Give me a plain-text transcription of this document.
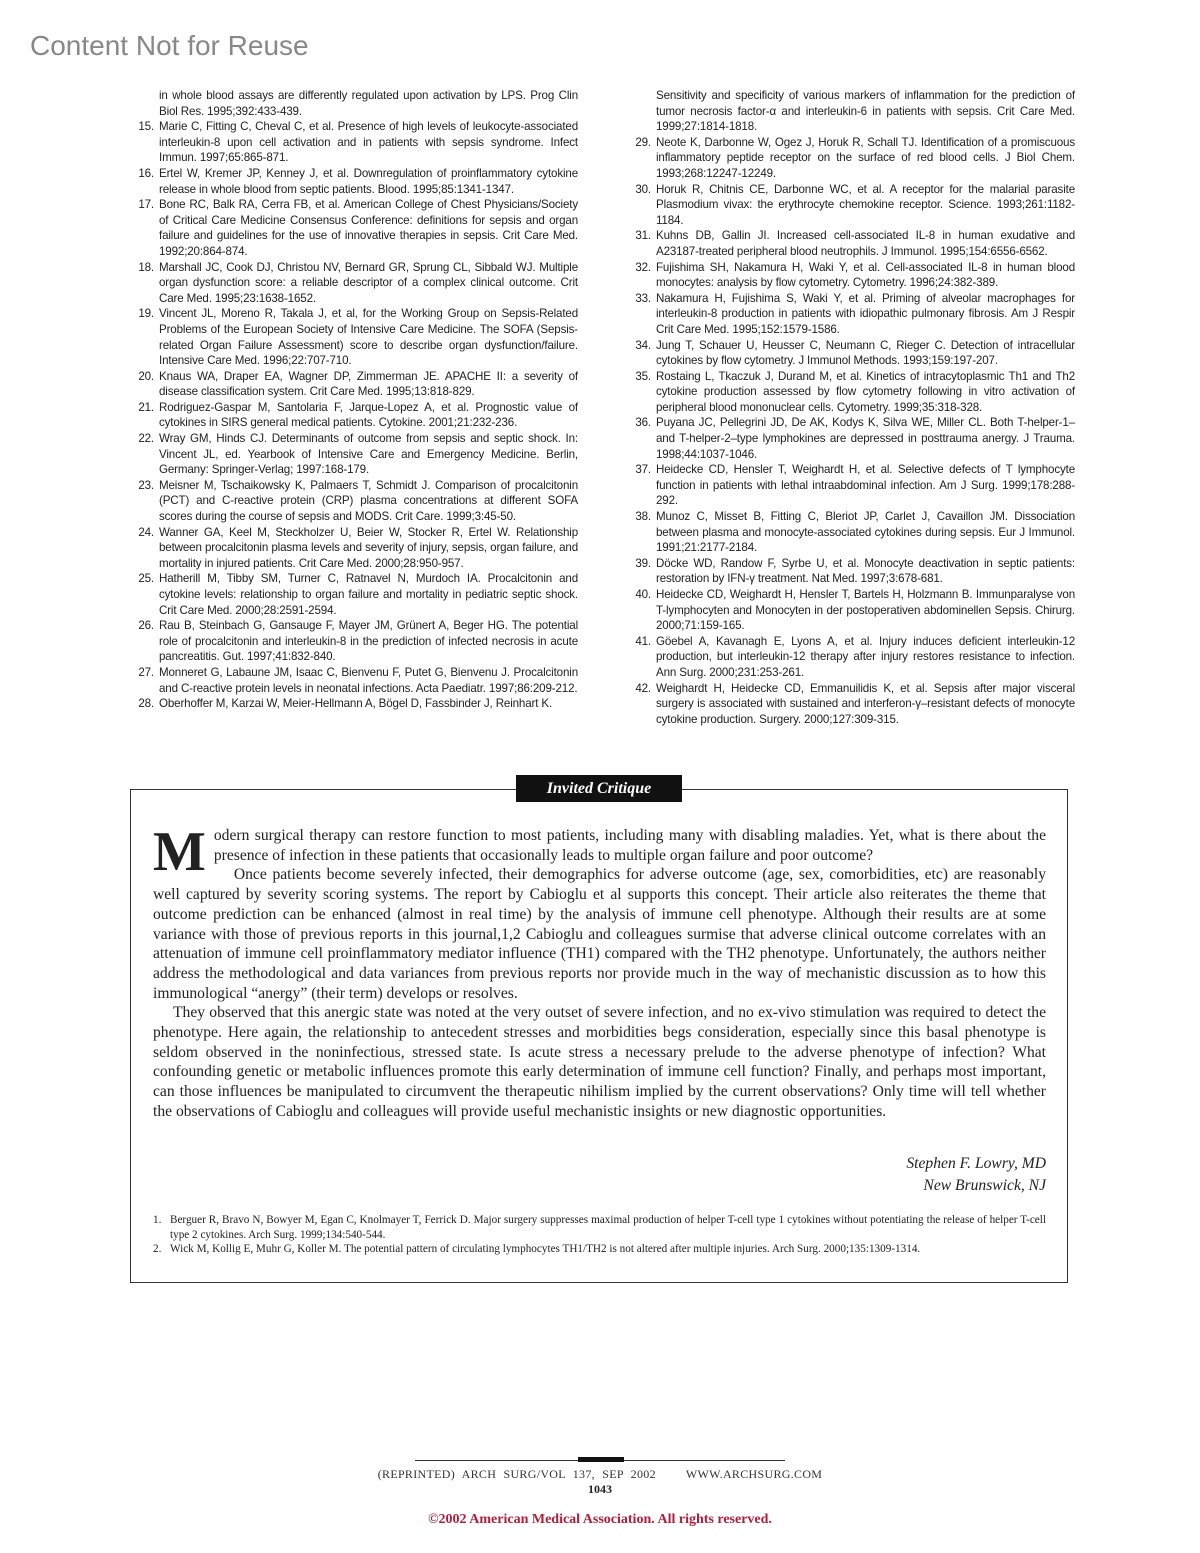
Content Not for Reuse
in whole blood assays are differently regulated upon activation by LPS. Prog Clin Biol Res. 1995;392:433-439.
15. Marie C, Fitting C, Cheval C, et al. Presence of high levels of leukocyte-associated interleukin-8 upon cell activation and in patients with sepsis syndrome. Infect Immun. 1997;65:865-871.
16. Ertel W, Kremer JP, Kenney J, et al. Downregulation of proinflammatory cytokine release in whole blood from septic patients. Blood. 1995;85:1341-1347.
17. Bone RC, Balk RA, Cerra FB, et al. American College of Chest Physicians/Society of Critical Care Medicine Consensus Conference: definitions for sepsis and organ failure and guidelines for the use of innovative therapies in sepsis. Crit Care Med. 1992;20:864-874.
18. Marshall JC, Cook DJ, Christou NV, Bernard GR, Sprung CL, Sibbald WJ. Multiple organ dysfunction score: a reliable descriptor of a complex clinical outcome. Crit Care Med. 1995;23:1638-1652.
19. Vincent JL, Moreno R, Takala J, et al, for the Working Group on Sepsis-Related Problems of the European Society of Intensive Care Medicine. The SOFA (Sepsis-related Organ Failure Assessment) score to describe organ dysfunction/failure. Intensive Care Med. 1996;22:707-710.
20. Knaus WA, Draper EA, Wagner DP, Zimmerman JE. APACHE II: a severity of disease classification system. Crit Care Med. 1995;13:818-829.
21. Rodriguez-Gaspar M, Santolaria F, Jarque-Lopez A, et al. Prognostic value of cytokines in SIRS general medical patients. Cytokine. 2001;21:232-236.
22. Wray GM, Hinds CJ. Determinants of outcome from sepsis and septic shock. In: Vincent JL, ed. Yearbook of Intensive Care and Emergency Medicine. Berlin, Germany: Springer-Verlag; 1997:168-179.
23. Meisner M, Tschaikowsky K, Palmaers T, Schmidt J. Comparison of procalcitonin (PCT) and C-reactive protein (CRP) plasma concentrations at different SOFA scores during the course of sepsis and MODS. Crit Care. 1999;3:45-50.
24. Wanner GA, Keel M, Steckholzer U, Beier W, Stocker R, Ertel W. Relationship between procalcitonin plasma levels and severity of injury, sepsis, organ failure, and mortality in injured patients. Crit Care Med. 2000;28:950-957.
25. Hatherill M, Tibby SM, Turner C, Ratnavel N, Murdoch IA. Procalcitonin and cytokine levels: relationship to organ failure and mortality in pediatric septic shock. Crit Care Med. 2000;28:2591-2594.
26. Rau B, Steinbach G, Gansauge F, Mayer JM, Grünert A, Beger HG. The potential role of procalcitonin and interleukin-8 in the prediction of infected necrosis in acute pancreatitis. Gut. 1997;41:832-840.
27. Monneret G, Labaune JM, Isaac C, Bienvenu F, Putet G, Bienvenu J. Procalcitonin and C-reactive protein levels in neonatal infections. Acta Paediatr. 1997;86:209-212.
28. Oberhoffer M, Karzai W, Meier-Hellmann A, Bögel D, Fassbinder J, Reinhart K.
Sensitivity and specificity of various markers of inflammation for the prediction of tumor necrosis factor-α and interleukin-6 in patients with sepsis. Crit Care Med. 1999;27:1814-1818.
29. Neote K, Darbonne W, Ogez J, Horuk R, Schall TJ. Identification of a promiscuous inflammatory peptide receptor on the surface of red blood cells. J Biol Chem. 1993;268:12247-12249.
30. Horuk R, Chitnis CE, Darbonne WC, et al. A receptor for the malarial parasite Plasmodium vivax: the erythrocyte chemokine receptor. Science. 1993;261:1182-1184.
31. Kuhns DB, Gallin JI. Increased cell-associated IL-8 in human exudative and A23187-treated peripheral blood neutrophils. J Immunol. 1995;154:6556-6562.
32. Fujishima SH, Nakamura H, Waki Y, et al. Cell-associated IL-8 in human blood monocytes: analysis by flow cytometry. Cytometry. 1996;24:382-389.
33. Nakamura H, Fujishima S, Waki Y, et al. Priming of alveolar macrophages for interleukin-8 production in patients with idiopathic pulmonary fibrosis. Am J Respir Crit Care Med. 1995;152:1579-1586.
34. Jung T, Schauer U, Heusser C, Neumann C, Rieger C. Detection of intracellular cytokines by flow cytometry. J Immunol Methods. 1993;159:197-207.
35. Rostaing L, Tkaczuk J, Durand M, et al. Kinetics of intracytoplasmic Th1 and Th2 cytokine production assessed by flow cytometry following in vitro activation of peripheral blood mononuclear cells. Cytometry. 1999;35:318-328.
36. Puyana JC, Pellegrini JD, De AK, Kodys K, Silva WE, Miller CL. Both T-helper-1–and T-helper-2–type lymphokines are depressed in posttrauma anergy. J Trauma. 1998;44:1037-1046.
37. Heidecke CD, Hensler T, Weighardt H, et al. Selective defects of T lymphocyte function in patients with lethal intraabdominal infection. Am J Surg. 1999;178:288-292.
38. Munoz C, Misset B, Fitting C, Bleriot JP, Carlet J, Cavaillon JM. Dissociation between plasma and monocyte-associated cytokines during sepsis. Eur J Immunol. 1991;21:2177-2184.
39. Döcke WD, Randow F, Syrbe U, et al. Monocyte deactivation in septic patients: restoration by IFN-γ treatment. Nat Med. 1997;3:678-681.
40. Heidecke CD, Weighardt H, Hensler T, Bartels H, Holzmann B. Immunparalyse von T-lymphocyten and Monocyten in der postoperativen abdominellen Sepsis. Chirurg. 2000;71:159-165.
41. Göebel A, Kavanagh E, Lyons A, et al. Injury induces deficient interleukin-12 production, but interleukin-12 therapy after injury restores resistance to infection. Ann Surg. 2000;231:253-261.
42. Weighardt H, Heidecke CD, Emmanuilidis K, et al. Sepsis after major visceral surgery is associated with sustained and interferon-γ–resistant defects of monocyte cytokine production. Surgery. 2000;127:309-315.
Invited Critique

Modern surgical therapy can restore function to most patients, including many with disabling maladies. Yet, what is there about the presence of infection in these patients that occasionally leads to multiple organ failure and poor outcome?

Once patients become severely infected, their demographics for adverse outcome (age, sex, comorbidities, etc) are reasonably well captured by severity scoring systems. The report by Cabioglu et al supports this concept. Their article also reiterates the theme that outcome prediction can be enhanced (almost in real time) by the analysis of immune cell phenotype. Although their results are at some variance with those of previous reports in this journal,1,2 Cabioglu and colleagues surmise that adverse clinical outcome correlates with an attenuation of immune cell proinflammatory mediator influence (TH1) compared with the TH2 phenotype. Unfortunately, the authors neither address the methodological and data variances from previous reports nor provide much in the way of mechanistic discussion as to how this immunological “anergy” (their term) develops or resolves.

They observed that this anergic state was noted at the very outset of severe infection, and no ex-vivo stimulation was required to detect the phenotype. Here again, the relationship to antecedent stresses and morbidities begs consideration, especially since this basal phenotype is seldom observed in the noninfectious, stressed state. Is acute stress a necessary prelude to the adverse phenotype of infection? What confounding genetic or metabolic influences promote this early determination of immune cell function? Finally, and perhaps most important, can those influences be manipulated to circumvent the therapeutic nihilism implied by the current observations? Only time will tell whether the observations of Cabioglu and colleagues will provide useful mechanistic insights or new diagnostic opportunities.

Stephen F. Lowry, MD
New Brunswick, NJ
1. Berguer R, Bravo N, Bowyer M, Egan C, Knolmayer T, Ferrick D. Major surgery suppresses maximal production of helper T-cell type 1 cytokines without potentiating the release of helper T-cell type 2 cytokines. Arch Surg. 1999;134:540-544.
2. Wick M, Kollig E, Muhr G, Koller M. The potential pattern of circulating lymphocytes TH1/TH2 is not altered after multiple injuries. Arch Surg. 2000;135:1309-1314.
(REPRINTED) ARCH SURG/VOL 137, SEP 2002	WWW.ARCHSURG.COM
1043
©2002 American Medical Association. All rights reserved.
